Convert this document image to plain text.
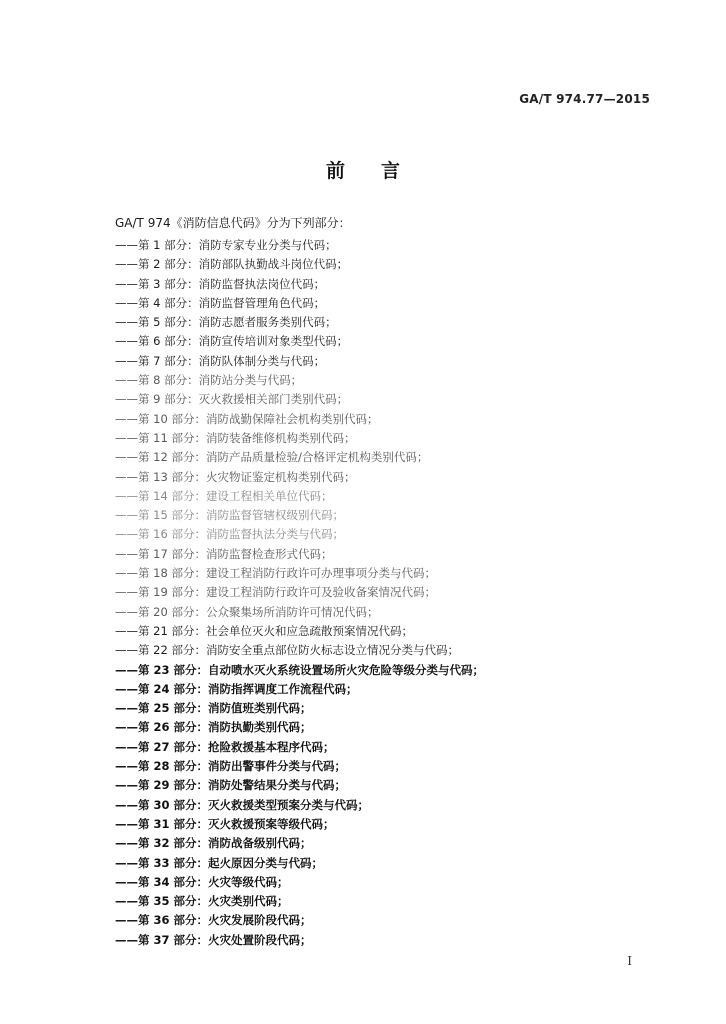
GA/T 974.77—2015
前言
GA/T 974《消防信息代码》分为下列部分：
——第 1 部分：消防专家专业分类与代码；
——第 2 部分：消防部队执勤战斗岗位代码；
——第 3 部分：消防监督执法岗位代码；
——第 4 部分：消防监督管理角色代码；
——第 5 部分：消防志愿者服务类别代码；
——第 6 部分：消防宣传培训对象类型代码；
——第 7 部分：消防队体制分类与代码；
——第 8 部分：消防站分类与代码；
——第 9 部分：灭火救援相关部门类别代码；
——第 10 部分：消防战勤保障社会机构类别代码；
——第 11 部分：消防装备维修机构类别代码；
——第 12 部分：消防产品质量检验/合格评定机构类别代码；
——第 13 部分：火灾物证鉴定机构类别代码；
——第 14 部分：建设工程相关单位代码；
——第 15 部分：消防监督管辖权级别代码；
——第 16 部分：消防监督执法分类与代码；
——第 17 部分：消防监督检查形式代码；
——第 18 部分：建设工程消防行政许可办理事项分类与代码；
——第 19 部分：建设工程消防行政许可及验收备案情况代码；
——第 20 部分：公众聚集场所消防许可情况代码；
——第 21 部分：社会单位灭火和应急疏散预案情况代码；
——第 22 部分：消防安全重点部位防火标志设立情况分类与代码；
——第 23 部分：自动喷水灭火系统设置场所火灾危险等级分类与代码；
——第 24 部分：消防指挥调度工作流程代码；
——第 25 部分：消防值班类别代码；
——第 26 部分：消防执勤类别代码；
——第 27 部分：抢险救援基本程序代码；
——第 28 部分：消防出警事件分类与代码；
——第 29 部分：消防处警结果分类与代码；
——第 30 部分：灭火救援类型预案分类与代码；
——第 31 部分：灭火救援预案等级代码；
——第 32 部分：消防战备级别代码；
——第 33 部分：起火原因分类与代码；
——第 34 部分：火灾等级代码；
——第 35 部分：火灾类别代码；
——第 36 部分：火灾发展阶段代码；
——第 37 部分：火灾处置阶段代码；
I
